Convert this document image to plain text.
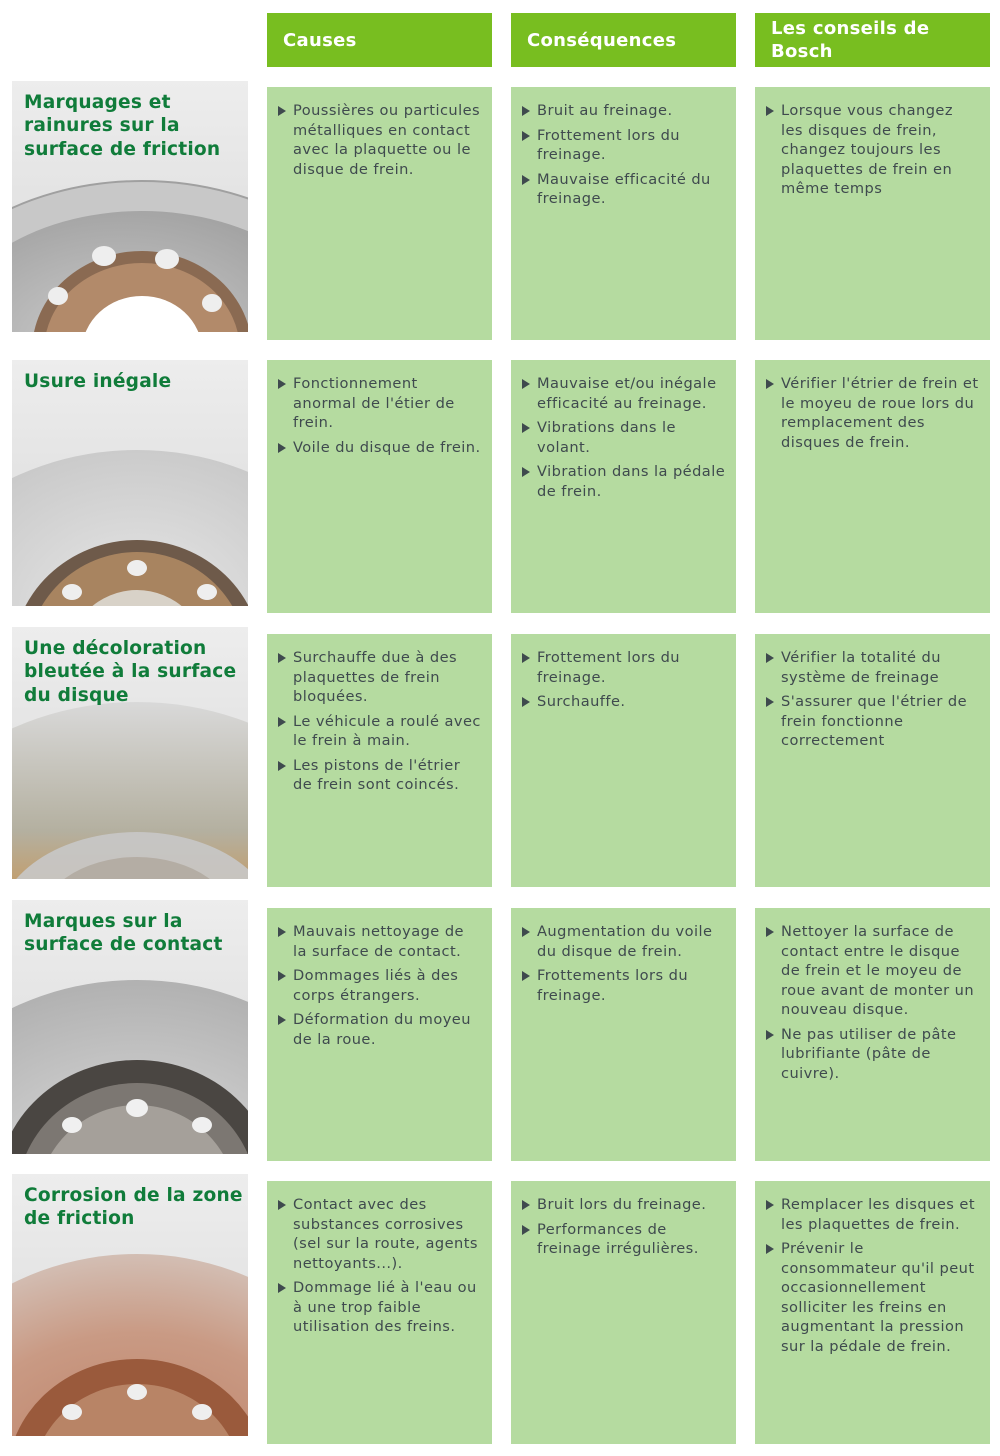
Causes	Conséquences
Les conseils de Bosch
Marquages et rainures sur la surface de friction
Poussières ou particules métalliques en contact avec la plaquette ou le disque de frein.
Bruit au freinage.
Frottement lors du freinage.
Mauvaise efficacité du freinage.
Lorsque vous changez les disques de frein, changez toujours les plaquettes de frein en même temps
Usure inégale	Fonctionnement anormal de l'étier de frein.
Voile du disque de frein.
Mauvaise et/ou inégale efficacité au freinage.
Vibrations dans le volant.
Vibration dans la pédale de frein.
Vérifier l'étrier de frein et le moyeu de roue lors du remplacement des disques de frein.
Une décoloration bleutée à la surface du disque
Surchauffe due à des plaquettes de frein bloquées.
Le véhicule a roulé avec le frein à main.
Les pistons de l'étrier de frein sont coincés.
Frottement lors du freinage.
Surchauffe.
Vérifier la totalité du système de freinage
S'assurer que l'étrier de frein fonctionne correctement
Marques sur la surface de contact
Mauvais nettoyage de la surface de contact.
Dommages liés à des corps étrangers.
Déformation du moyeu de la roue.
Augmentation du voile du disque de frein.
Frottements lors du freinage.
Nettoyer la surface de contact entre le disque de frein et le moyeu de roue avant de monter un nouveau disque.
Ne pas utiliser de pâte lubrifiante (pâte de cuivre).
Corrosion de la zone de friction
Contact avec des substances corrosives (sel sur la route, agents nettoyants...).
Dommage lié à l'eau ou à une trop faible utilisation des freins.
Bruit lors du freinage.
Performances de freinage irrégulières.
Remplacer les disques et les plaquettes de frein.
Prévenir le consommateur qu'il peut occasionnellement solliciter les freins en augmentant la pression sur la pédale de frein.
